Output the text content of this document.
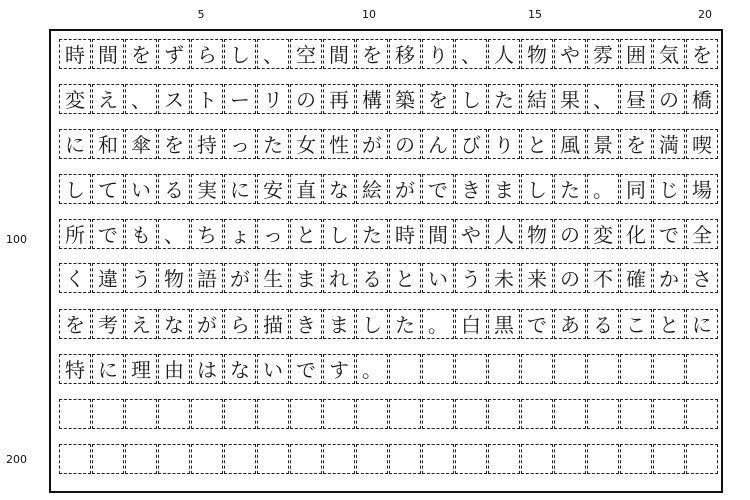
5	10	15	20
100
200
時 間 を ず ら し 、 空 間 を 移 り 、 人 物 や 雰 囲 気 を
変 え 、 ス ト ー リ の 再 構 築 を し た 結 果 、 昼 の 橋
に 和 傘 を 持 っ た 女 性 が の ん び り と 風 景 を 満 喫
し て い る 実 に 安 直 な 絵 が で き ま し た 。 同 じ 場
所 で も 、 ち ょ っ と し た 時 間 や 人 物 の 変 化 で 全
く 違 う 物 語 が 生 ま れ る と い う 未 来 の 不 確 か さ
を 考 え な が ら 描 き ま し た 。 白 黒 で あ る こ と に
特 に 理 由 は な い で す 。
